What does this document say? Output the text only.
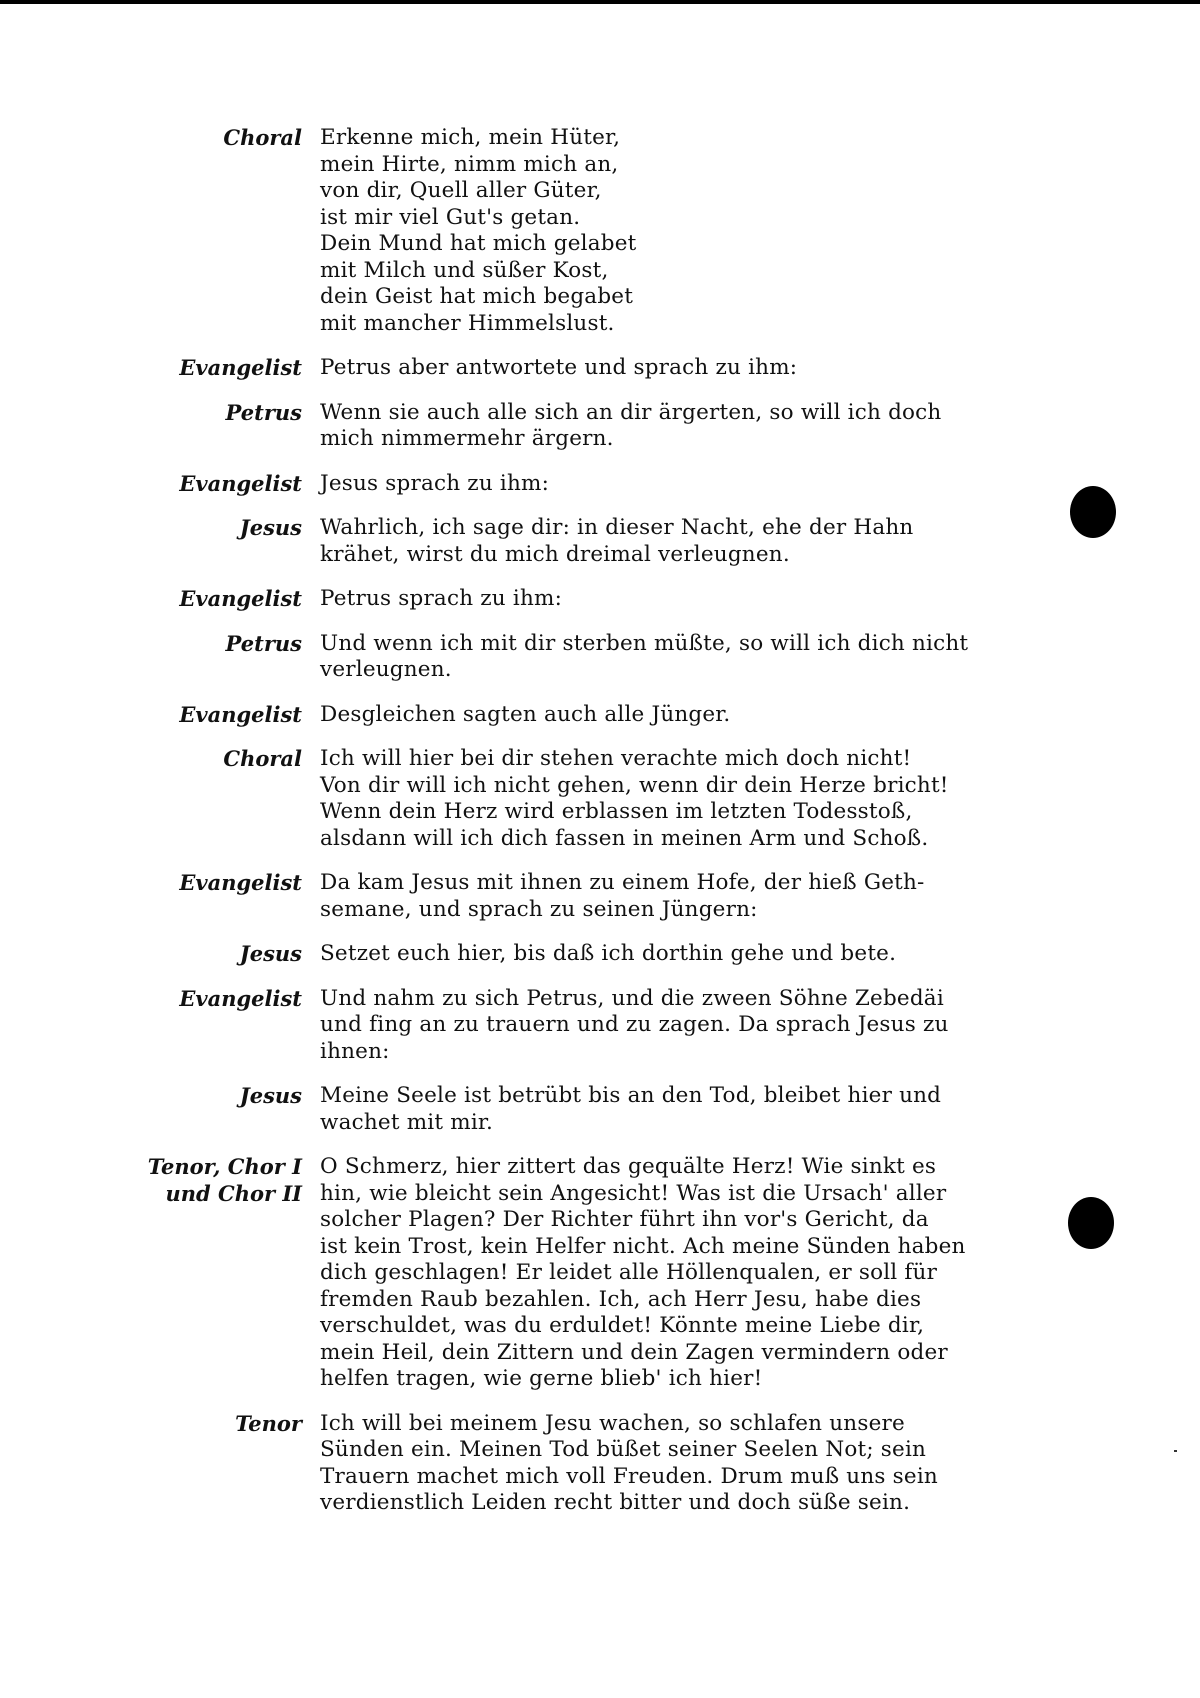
Choral Erkenne mich, mein Hüter,
mein Hirte, nimm mich an,
von dir, Quell aller Güter,
ist mir viel Gut's getan.
Dein Mund hat mich gelabet
mit Milch und süßer Kost,
dein Geist hat mich begabet
mit mancher Himmelslust.
Evangelist Petrus aber antwortete und sprach zu ihm:
Petrus Wenn sie auch alle sich an dir ärgerten, so will ich doch
mich nimmermehr ärgern.
Evangelist Jesus sprach zu ihm:
Jesus Wahrlich, ich sage dir: in dieser Nacht, ehe der Hahn
krähet, wirst du mich dreimal verleugnen.
Evangelist Petrus sprach zu ihm:
Petrus Und wenn ich mit dir sterben müßte, so will ich dich nicht
verleugnen.
Evangelist Desgleichen sagten auch alle Jünger.
Choral Ich will hier bei dir stehen verachte mich doch nicht!
Von dir will ich nicht gehen, wenn dir dein Herze bricht!
Wenn dein Herz wird erblassen im letzten Todesstoß,
alsdann will ich dich fassen in meinen Arm und Schoß.
Evangelist Da kam Jesus mit ihnen zu einem Hofe, der hieß Geth-
semane, und sprach zu seinen Jüngern:
Jesus Setzet euch hier, bis daß ich dorthin gehe und bete.
Evangelist Und nahm zu sich Petrus, und die zween Söhne Zebedäi
und fing an zu trauern und zu zagen. Da sprach Jesus zu
ihnen:
Jesus Meine Seele ist betrübt bis an den Tod, bleibet hier und
wachet mit mir.
Tenor, Chor I
und Chor II
O Schmerz, hier zittert das gequälte Herz! Wie sinkt es
hin, wie bleicht sein Angesicht! Was ist die Ursach' aller
solcher Plagen? Der Richter führt ihn vor's Gericht, da
ist kein Trost, kein Helfer nicht. Ach meine Sünden haben
dich geschlagen! Er leidet alle Höllenqualen, er soll für
fremden Raub bezahlen. Ich, ach Herr Jesu, habe dies
verschuldet, was du erduldet! Könnte meine Liebe dir,
mein Heil, dein Zittern und dein Zagen vermindern oder
helfen tragen, wie gerne blieb' ich hier!
Tenor Ich will bei meinem Jesu wachen, so schlafen unsere
Sünden ein. Meinen Tod büßet seiner Seelen Not; sein
Trauern machet mich voll Freuden. Drum muß uns sein
verdienstlich Leiden recht bitter und doch süße sein.
